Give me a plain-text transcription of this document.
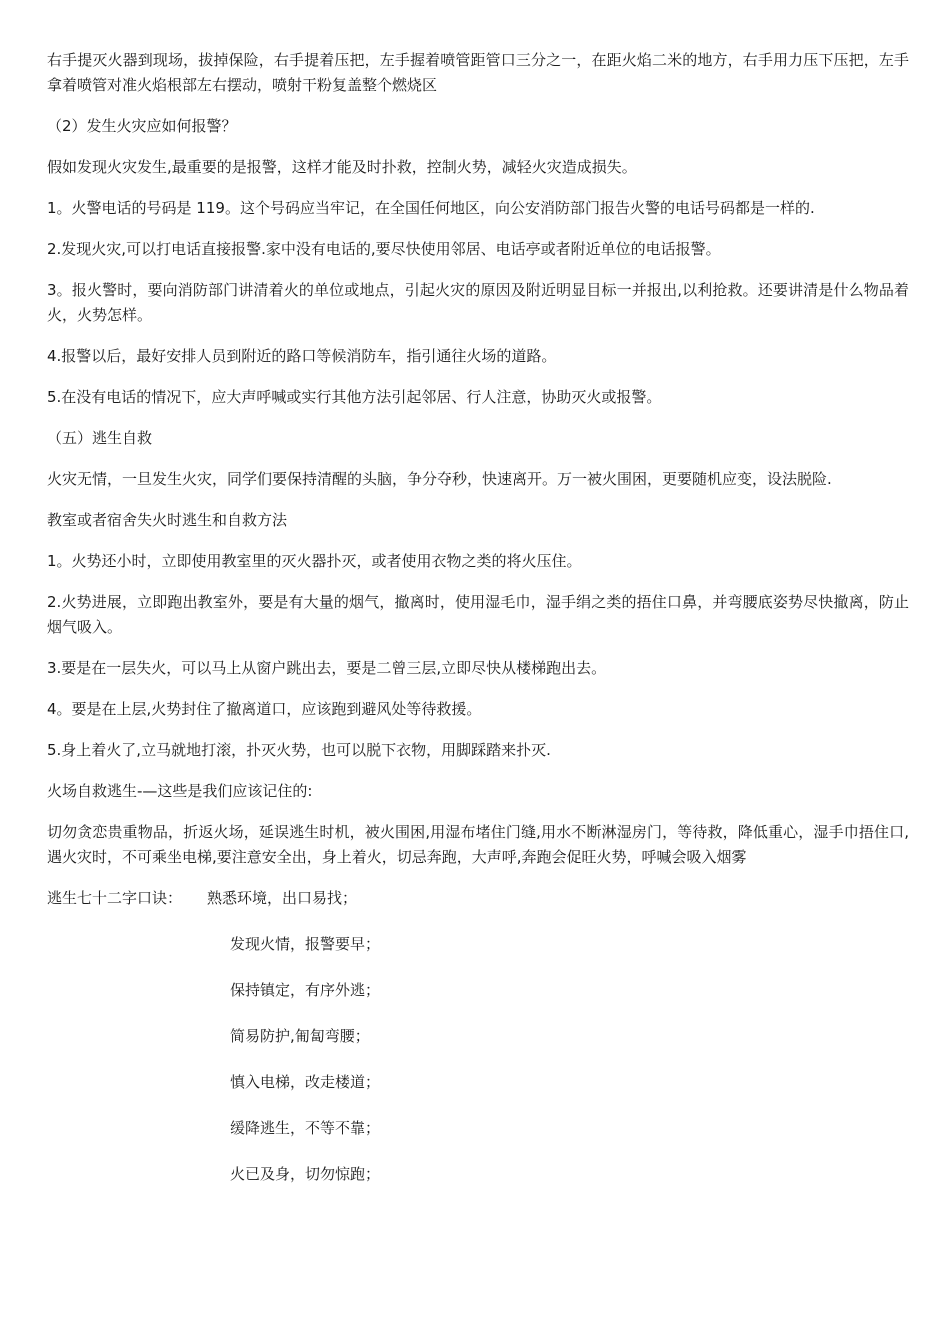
右手提灭火器到现场，拔掉保险，右手提着压把，左手握着喷管距管口三分之一，在距火焰二米的地方，右手用力压下压把，左手拿着喷管对准火焰根部左右摆动，喷射干粉复盖整个燃烧区

（2）发生火灾应如何报警？

假如发现火灾发生,最重要的是报警，这样才能及时扑救，控制火势，减轻火灾造成损失。

1。火警电话的号码是 119。这个号码应当牢记，在全国任何地区，向公安消防部门报告火警的电话号码都是一样的.

2.发现火灾,可以打电话直接报警.家中没有电话的,要尽快使用邻居、电话亭或者附近单位的电话报警。

3。报火警时，要向消防部门讲清着火的单位或地点，引起火灾的原因及附近明显目标一并报出,以利抢救。还要讲清是什么物品着火，火势怎样。

4.报警以后，最好安排人员到附近的路口等候消防车，指引通往火场的道路。

5.在没有电话的情况下，应大声呼喊或实行其他方法引起邻居、行人注意，协助灭火或报警。

（五）逃生自救

火灾无情，一旦发生火灾，同学们要保持清醒的头脑，争分夺秒，快速离开。万一被火围困，更要随机应变，设法脱险.

教室或者宿舍失火时逃生和自救方法

1。火势还小时，立即使用教室里的灭火器扑灭，或者使用衣物之类的将火压住。

2.火势进展，立即跑出教室外，要是有大量的烟气，撤离时，使用湿毛巾，湿手绢之类的捂住口鼻，并弯腰底姿势尽快撤离，防止烟气吸入。

3.要是在一层失火，可以马上从窗户跳出去，要是二曾三层,立即尽快从楼梯跑出去。

4。要是在上层,火势封住了撤离道口，应该跑到避风处等待救援。

5.身上着火了,立马就地打滚，扑灭火势，也可以脱下衣物，用脚踩踏来扑灭.

火场自救逃生-—这些是我们应该记住的:

切勿贪恋贵重物品，折返火场，延误逃生时机，被火围困,用湿布堵住门缝,用水不断淋湿房门，等待救，降低重心，湿手巾捂住口,遇火灾时，不可乘坐电梯,要注意安全出，身上着火，切忌奔跑，大声呼,奔跑会促旺火势，呼喊会吸入烟雾

逃生七十二字口诀：	熟悉环境，出口易找；
发现火情，报警要早；
保持镇定，有序外逃；
简易防护,匍匐弯腰；
慎入电梯，改走楼道；
缓降逃生，不等不靠；
火已及身，切勿惊跑；
